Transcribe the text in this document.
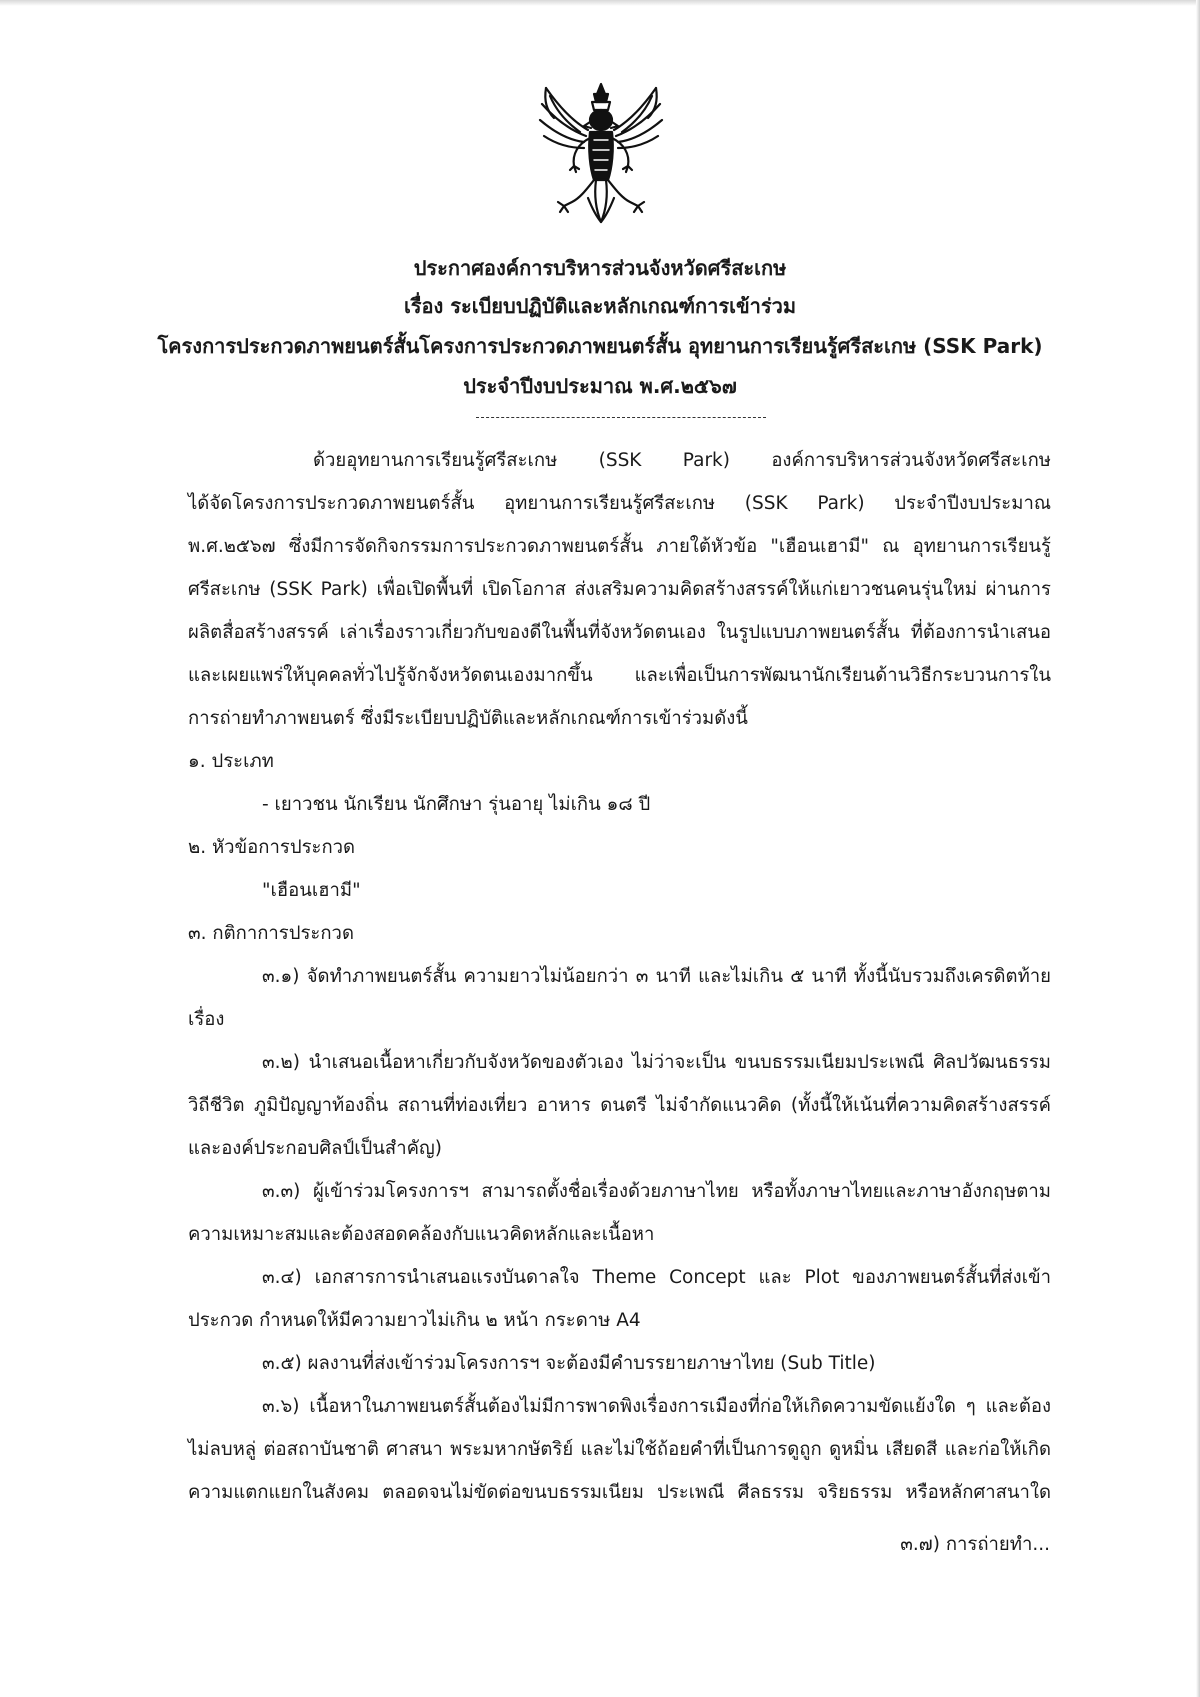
ประกาศองค์การบริหารส่วนจังหวัดศรีสะเกษ
เรื่อง ระเบียบปฏิบัติและหลักเกณฑ์การเข้าร่วม
โครงการประกวดภาพยนตร์สั้นโครงการประกวดภาพยนตร์สั้น อุทยานการเรียนรู้ศรีสะเกษ (SSK Park)
ประจำปีงบประมาณ พ.ศ.๒๕๖๗
ด้วยอุทยานการเรียนรู้ศรีสะเกษ (SSK Park) องค์การบริหารส่วนจังหวัดศรีสะเกษ
ได้จัดโครงการประกวดภาพยนตร์สั้น อุทยานการเรียนรู้ศรีสะเกษ (SSK Park) ประจำปีงบประมาณ
พ.ศ.๒๕๖๗ ซึ่งมีการจัดกิจกรรมการประกวดภาพยนตร์สั้น ภายใต้หัวข้อ "เฮือนเฮามี" ณ อุทยานการเรียนรู้
ศรีสะเกษ (SSK Park) เพื่อเปิดพื้นที่ เปิดโอกาส ส่งเสริมความคิดสร้างสรรค์ให้แก่เยาวชนคนรุ่นใหม่ ผ่านการ
ผลิตสื่อสร้างสรรค์ เล่าเรื่องราวเกี่ยวกับของดีในพื้นที่จังหวัดตนเอง ในรูปแบบภาพยนตร์สั้น ที่ต้องการนำเสนอ
และเผยแพร่ให้บุคคลทั่วไปรู้จักจังหวัดตนเองมากขึ้น และเพื่อเป็นการพัฒนานักเรียนด้านวิธีกระบวนการใน
การถ่ายทำภาพยนตร์ ซึ่งมีระเบียบปฏิบัติและหลักเกณฑ์การเข้าร่วมดังนี้
๑. ประเภท
- เยาวชน นักเรียน นักศึกษา รุ่นอายุ ไม่เกิน ๑๘ ปี
๒. หัวข้อการประกวด
"เฮือนเฮามี"
๓. กติกาการประกวด
๓.๑) จัดทำภาพยนตร์สั้น ความยาวไม่น้อยกว่า ๓ นาที และไม่เกิน ๕ นาที ทั้งนี้นับรวมถึงเครดิตท้าย
เรื่อง
๓.๒) นำเสนอเนื้อหาเกี่ยวกับจังหวัดของตัวเอง ไม่ว่าจะเป็น ขนบธรรมเนียมประเพณี ศิลปวัฒนธรรม
วิถีชีวิต ภูมิปัญญาท้องถิ่น สถานที่ท่องเที่ยว อาหาร ดนตรี ไม่จำกัดแนวคิด (ทั้งนี้ให้เน้นที่ความคิดสร้างสรรค์
และองค์ประกอบศิลป์เป็นสำคัญ)
๓.๓) ผู้เข้าร่วมโครงการฯ สามารถตั้งชื่อเรื่องด้วยภาษาไทย หรือทั้งภาษาไทยและภาษาอังกฤษตาม
ความเหมาะสมและต้องสอดคล้องกับแนวคิดหลักและเนื้อหา
๓.๔) เอกสารการนำเสนอแรงบันดาลใจ Theme Concept และ Plot ของภาพยนตร์สั้นที่ส่งเข้า
ประกวด กำหนดให้มีความยาวไม่เกิน ๒ หน้า กระดาษ A4
๓.๕) ผลงานที่ส่งเข้าร่วมโครงการฯ จะต้องมีคำบรรยายภาษาไทย (Sub Title)
๓.๖) เนื้อหาในภาพยนตร์สั้นต้องไม่มีการพาดพิงเรื่องการเมืองที่ก่อให้เกิดความขัดแย้งใด ๆ และต้อง
ไม่ลบหลู่ ต่อสถาบันชาติ ศาสนา พระมหากษัตริย์ และไม่ใช้ถ้อยคำที่เป็นการดูถูก ดูหมิ่น เสียดสี และก่อให้เกิด
ความแตกแยกในสังคม ตลอดจนไม่ขัดต่อขนบธรรมเนียม ประเพณี ศีลธรรม จริยธรรม หรือหลักศาสนาใด
๓.๗) การถ่ายทำ...
